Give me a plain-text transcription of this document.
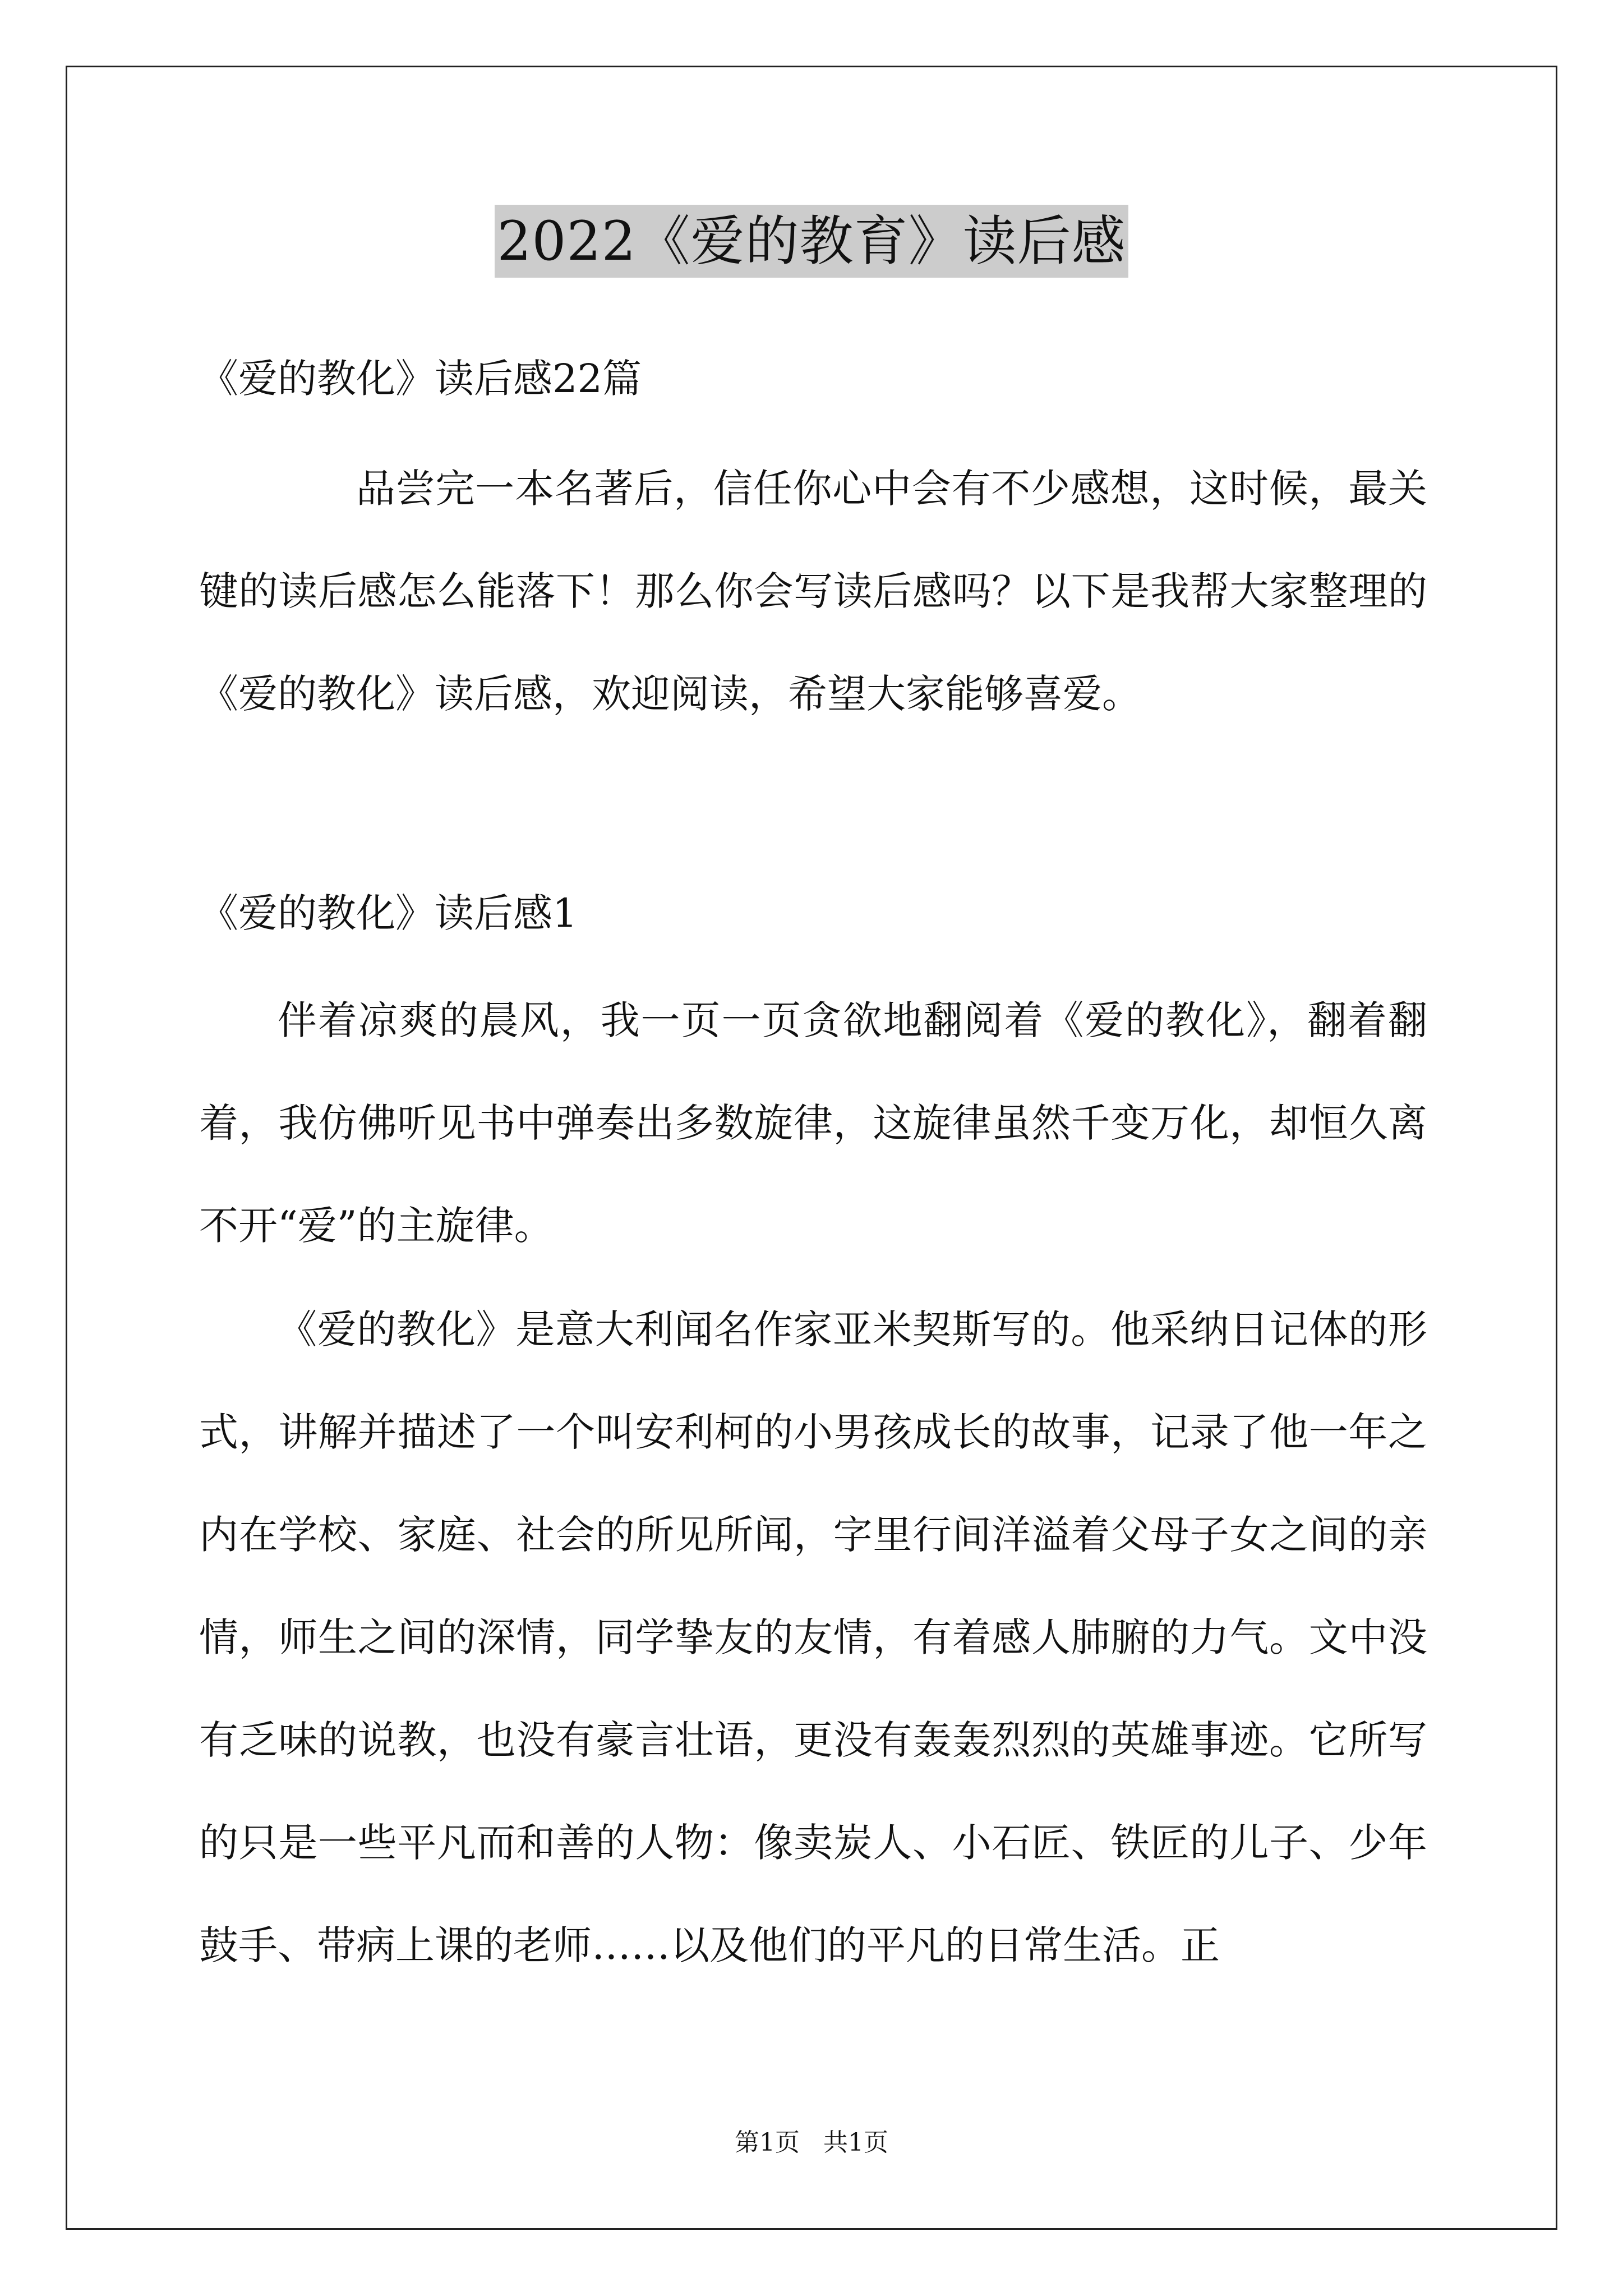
2022《爱的教育》读后感
《爱的教化》读后感22篇

品尝完一本名著后，信任你心中会有不少感想，这时候，最关键的读后感怎么能落下！那么你会写读后感吗？以下是我帮大家整理的《爱的教化》读后感，欢迎阅读，希望大家能够喜爱。

《爱的教化》读后感1

伴着凉爽的晨风，我一页一页贪欲地翻阅着《爱的教化》，翻着翻着，我仿佛听见书中弹奏出多数旋律，这旋律虽然千变万化，却恒久离不开“爱”的主旋律。

《爱的教化》是意大利闻名作家亚米契斯写的。他采纳日记体的形式，讲解并描述了一个叫安利柯的小男孩成长的故事，记录了他一年之内在学校、家庭、社会的所见所闻，字里行间洋溢着父母子女之间的亲情，师生之间的深情，同学挚友的友情，有着感人肺腑的力气。文中没有乏味的说教，也没有豪言壮语，更没有轰轰烈烈的英雄事迹。它所写的只是一些平凡而和善的人物：像卖炭人、小石匠、铁匠的儿子、少年鼓手、带病上课的老师……以及他们的平凡的日常生活。正

第1页   共1页
